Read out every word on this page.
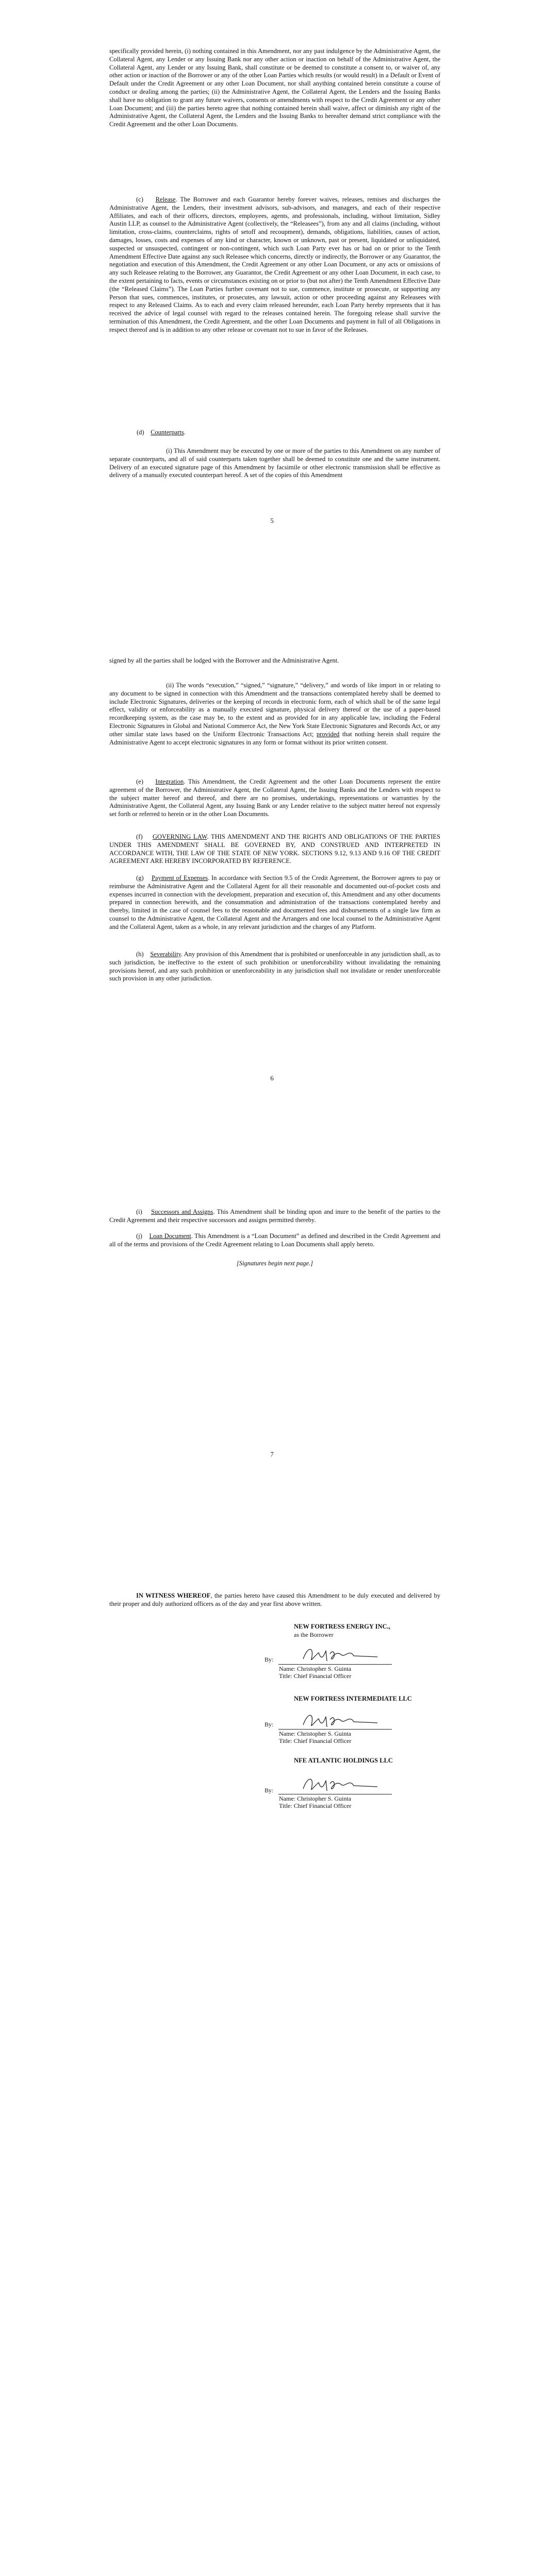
specifically provided herein, (i) nothing contained in this Amendment, nor any past indulgence by the Administrative Agent, the Collateral Agent, any Lender or any Issuing Bank nor any other action or inaction on behalf of the Administrative Agent, the Collateral Agent, any Lender or any Issuing Bank, shall constitute or be deemed to constitute a consent to, or waiver of, any other action or inaction of the Borrower or any of the other Loan Parties which results (or would result) in a Default or Event of Default under the Credit Agreement or any other Loan Document, nor shall anything contained herein constitute a course of conduct or dealing among the parties; (ii) the Administrative Agent, the Collateral Agent, the Lenders and the Issuing Banks shall have no obligation to grant any future waivers, consents or amendments with respect to the Credit Agreement or any other Loan Document; and (iii) the parties hereto agree that nothing contained herein shall waive, affect or diminish any right of the Administrative Agent, the Collateral Agent, the Lenders and the Issuing Banks to hereafter demand strict compliance with the Credit Agreement and the other Loan Documents.

(c) Release. The Borrower and each Guarantor hereby forever waives, releases, remises and discharges the Administrative Agent, the Lenders, their investment advisors, sub-advisors, and managers, and each of their respective Affiliates, and each of their officers, directors, employees, agents, and professionals, including, without limitation, Sidley Austin LLP, as counsel to the Administrative Agent (collectively, the “Releasees”), from any and all claims (including, without limitation, cross-claims, counterclaims, rights of setoff and recoupment), demands, obligations, liabilities, causes of action, damages, losses, costs and expenses of any kind or character, known or unknown, past or present, liquidated or unliquidated, suspected or unsuspected, contingent or non-contingent, which such Loan Party ever has or had on or prior to the Tenth Amendment Effective Date against any such Releasee which concerns, directly or indirectly, the Borrower or any Guarantor, the negotiation and execution of this Amendment, the Credit Agreement or any other Loan Document, or any acts or omissions of any such Releasee relating to the Borrower, any Guarantor, the Credit Agreement or any other Loan Document, in each case, to the extent pertaining to facts, events or circumstances existing on or prior to (but not after) the Tenth Amendment Effective Date (the “Released Claims”). The Loan Parties further covenant not to sue, commence, institute or prosecute, or supporting any Person that sues, commences, institutes, or prosecutes, any lawsuit, action or other proceeding against any Releasees with respect to any Released Claims. As to each and every claim released hereunder, each Loan Party hereby represents that it has received the advice of legal counsel with regard to the releases contained herein. The foregoing release shall survive the termination of this Amendment, the Credit Agreement, and the other Loan Documents and payment in full of all Obligations in respect thereof and is in addition to any other release or covenant not to sue in favor of the Releases.

(d) Counterparts.

(i) This Amendment may be executed by one or more of the parties to this Amendment on any number of separate counterparts, and all of said counterparts taken together shall be deemed to constitute one and the same instrument. Delivery of an executed signature page of this Amendment by facsimile or other electronic transmission shall be effective as delivery of a manually executed counterpart hereof. A set of the copies of this Amendment

5

signed by all the parties shall be lodged with the Borrower and the Administrative Agent.

(ii) The words “execution,” “signed,” “signature,” “delivery,” and words of like import in or relating to any document to be signed in connection with this Amendment and the transactions contemplated hereby shall be deemed to include Electronic Signatures, deliveries or the keeping of records in electronic form, each of which shall be of the same legal effect, validity or enforceability as a manually executed signature, physical delivery thereof or the use of a paper-based recordkeeping system, as the case may be, to the extent and as provided for in any applicable law, including the Federal Electronic Signatures in Global and National Commerce Act, the New York State Electronic Signatures and Records Act, or any other similar state laws based on the Uniform Electronic Transactions Act; provided that nothing herein shall require the Administrative Agent to accept electronic signatures in any form or format without its prior written consent.

(e) Integration. This Amendment, the Credit Agreement and the other Loan Documents represent the entire agreement of the Borrower, the Administrative Agent, the Collateral Agent, the Issuing Banks and the Lenders with respect to the subject matter hereof and thereof, and there are no promises, undertakings, representations or warranties by the Administrative Agent, the Collateral Agent, any Issuing Bank or any Lender relative to the subject matter hereof not expressly set forth or referred to herein or in the other Loan Documents.

(f) GOVERNING LAW. THIS AMENDMENT AND THE RIGHTS AND OBLIGATIONS OF THE PARTIES UNDER THIS AMENDMENT SHALL BE GOVERNED BY, AND CONSTRUED AND INTERPRETED IN ACCORDANCE WITH, THE LAW OF THE STATE OF NEW YORK. SECTIONS 9.12, 9.13 AND 9.16 OF THE CREDIT AGREEMENT ARE HEREBY INCORPORATED BY REFERENCE.

(g) Payment of Expenses. In accordance with Section 9.5 of the Credit Agreement, the Borrower agrees to pay or reimburse the Administrative Agent and the Collateral Agent for all their reasonable and documented out-of-pocket costs and expenses incurred in connection with the development, preparation and execution of, this Amendment and any other documents prepared in connection herewith, and the consummation and administration of the transactions contemplated hereby and thereby, limited in the case of counsel fees to the reasonable and documented fees and disbursements of a single law firm as counsel to the Administrative Agent, the Collateral Agent and the Arrangers and one local counsel to the Administrative Agent and the Collateral Agent, taken as a whole, in any relevant jurisdiction and the charges of any Platform.

(h) Severability. Any provision of this Amendment that is prohibited or unenforceable in any jurisdiction shall, as to such jurisdiction, be ineffective to the extent of such prohibition or unenforceability without invalidating the remaining provisions hereof, and any such prohibition or unenforceability in any jurisdiction shall not invalidate or render unenforceable such provision in any other jurisdiction.

6

(i) Successors and Assigns. This Amendment shall be binding upon and inure to the benefit of the parties to the Credit Agreement and their respective successors and assigns permitted thereby.

(j) Loan Document. This Amendment is a “Loan Document” as defined and described in the Credit Agreement and all of the terms and provisions of the Credit Agreement relating to Loan Documents shall apply hereto.

[Signatures begin next page.]
7

IN WITNESS WHEREOF, the parties hereto have caused this Amendment to be duly executed and delivered by their proper and duly authorized officers as of the day and year first above written.

NEW FORTRESS ENERGY INC.,
as the Borrower
By:
Name: Christopher S. Guinta
Title: Chief Financial Officer
NEW FORTRESS INTERMEDIATE LLC
By:
Name: Christopher S. Guinta
Title: Chief Financial Officer
NFE ATLANTIC HOLDINGS LLC
By:
Name: Christopher S. Guinta
Title: Chief Financial Officer
